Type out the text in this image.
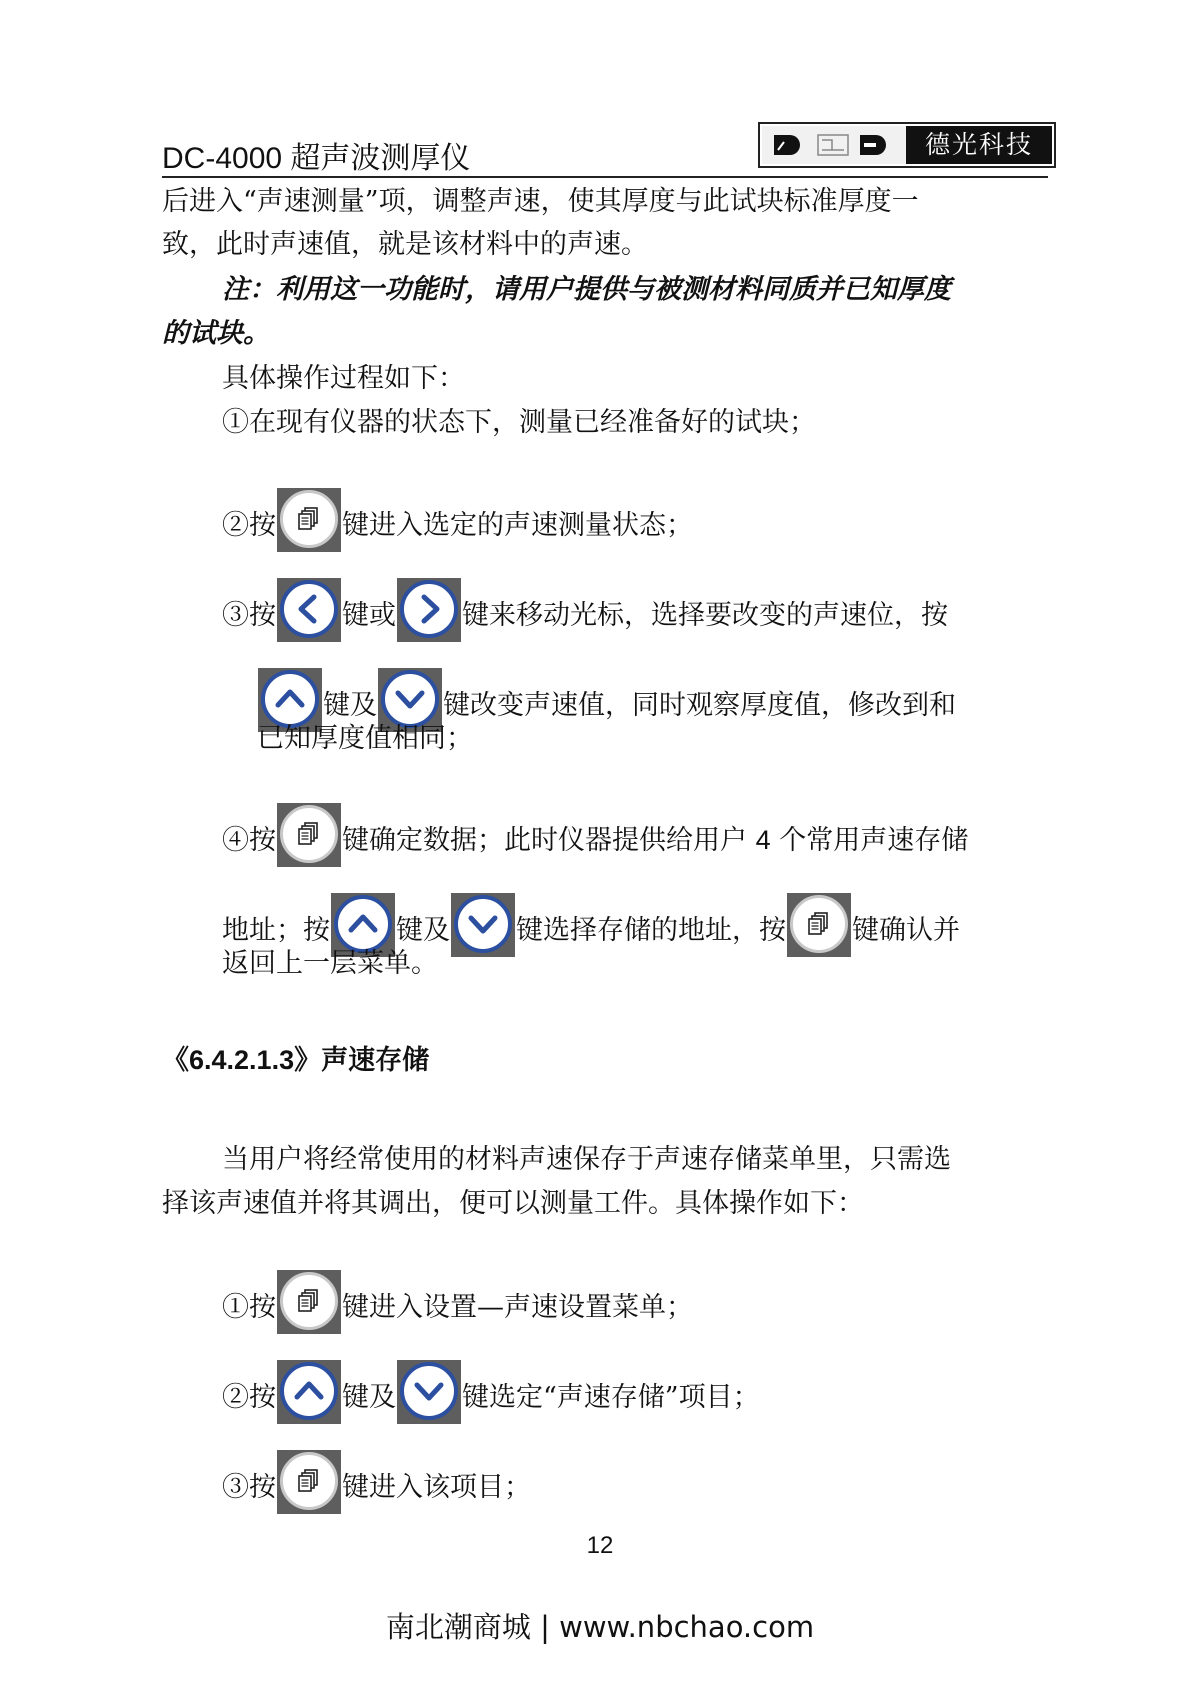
DC-4000 超声波测厚仪	德光科技
后进入“声速测量”项，调整声速，使其厚度与此试块标准厚度一
致，此时声速值，就是该材料中的声速。
注：利用这一功能时，请用户提供与被测材料同质并已知厚度
的试块。
具体操作过程如下：
①在现有仪器的状态下，测量已经准备好的试块；
②按 键进入选定的声速测量状态；
③按 键或 键来移动光标，选择要改变的声速位，按
键及 键改变声速值，同时观察厚度值，修改到和
已知厚度值相同；
④按 键确定数据；此时仪器提供给用户 4 个常用声速存储
地址；按 键及 键选择存储的地址，按 键确认并
返回上一层菜单。
《6.4.2.1.3》声速存储
当用户将经常使用的材料声速保存于声速存储菜单里，只需选
择该声速值并将其调出，便可以测量工件。具体操作如下：
①按 键进入设置—声速设置菜单；
②按 键及 键选定“声速存储”项目；
③按 键进入该项目；
12
南北潮商城 | www.nbchao.com
